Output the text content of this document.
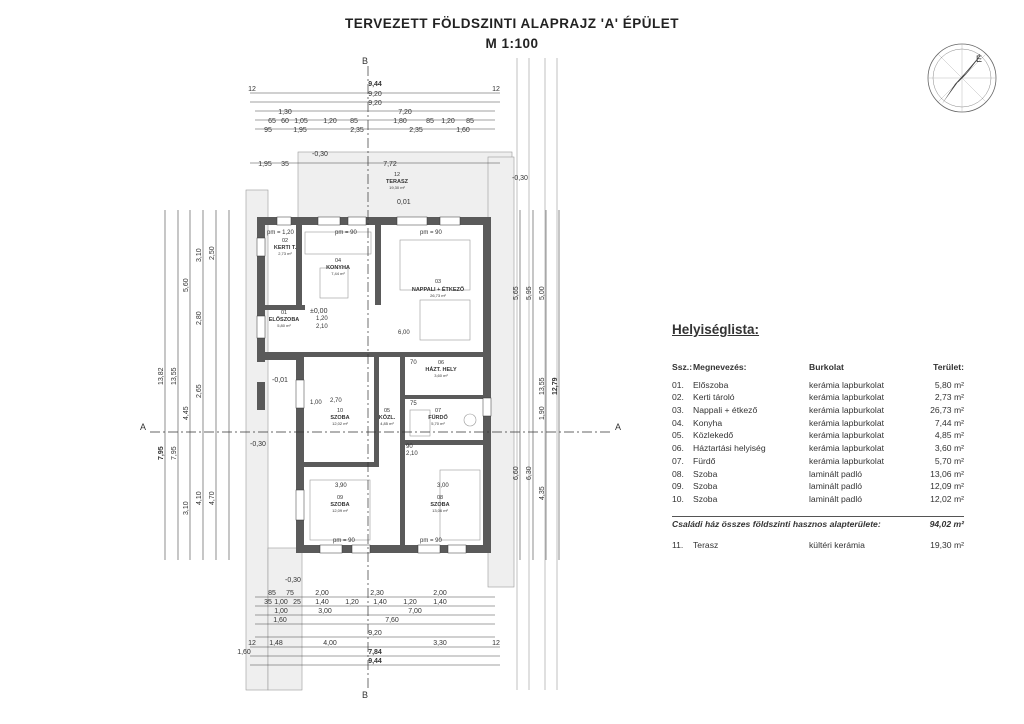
TERVEZETT FÖLDSZINTI ALAPRAJZ 'A' ÉPÜLET
M 1:100
É
B
B
A	A
9,44
9,20
9,20
1,30	7,20
65 60 1,05 1,20 85	1,80	85 1,20 85
95	1,95	2,35	2,35	1,60
1,95 35	7,72
12	12
85 75	2,00	2,30	2,00
35 1,00 25 1,40 1,20 1,40 1,20 1,40
1,00	3,00	7,00
1,60	7,60
9,20
1,48	4,00	3,30
7,84
9,44
1,60
12	12
13,82
7,95
13,55
7,95
5,60
3,10 2,50
2,80
2,65
4,45
4,10 4,70
3,10
5,65 5,95 5,00
13,55 12,79
1,90
6,30
6,60
4,35
-0,30
-0,30
0,01
±0,00
-0,01
-0,30
-0,30
02
KERTI T.
2,73 m²
04
KONYHA
7,44 m²
03
NAPPALI + ÉTKEZŐ
26,73 m²
01
ELŐSZOBA
5,80 m²
06
HÁZT. HELY
3,60 m²
10
SZOBA
12,02 m²
05
KÖZL.
4,85 m²
07
FÜRDŐ
5,70 m²
09
SZOBA
12,09 m²
08
SZOBA
13,06 m²
12
TERASZ
19,30 m²
pm = 1,20	pm = 90	pm = 90
pm = 90	pm = 90
1,20
2,10
6,00
2,70
3,90	3,00
1,00
2,10
70
90
75
Helyiséglista:
Ssz.: Megnevezés:	Burkolat	Terület:
01.	Előszoba	kerámia lapburkolat	5,80 m²
02.	Kerti tároló	kerámia lapburkolat	2,73 m²
03.	Nappali + étkező	kerámia lapburkolat	26,73 m²
04.	Konyha	kerámia lapburkolat	7,44 m²
05.	Közlekedő	kerámia lapburkolat	4,85 m²
06.	Háztartási helyiség	kerámia lapburkolat	3,60 m²
07.	Fürdő	kerámia lapburkolat	5,70 m²
08.	Szoba	laminált padló	13,06 m²
09.	Szoba	laminált padló	12,09 m²
10.	Szoba	laminált padló	12,02 m²
Családi ház összes földszinti hasznos alapterülete:	94,02 m²
11.	Terasz	kültéri kerámia	19,30 m²
